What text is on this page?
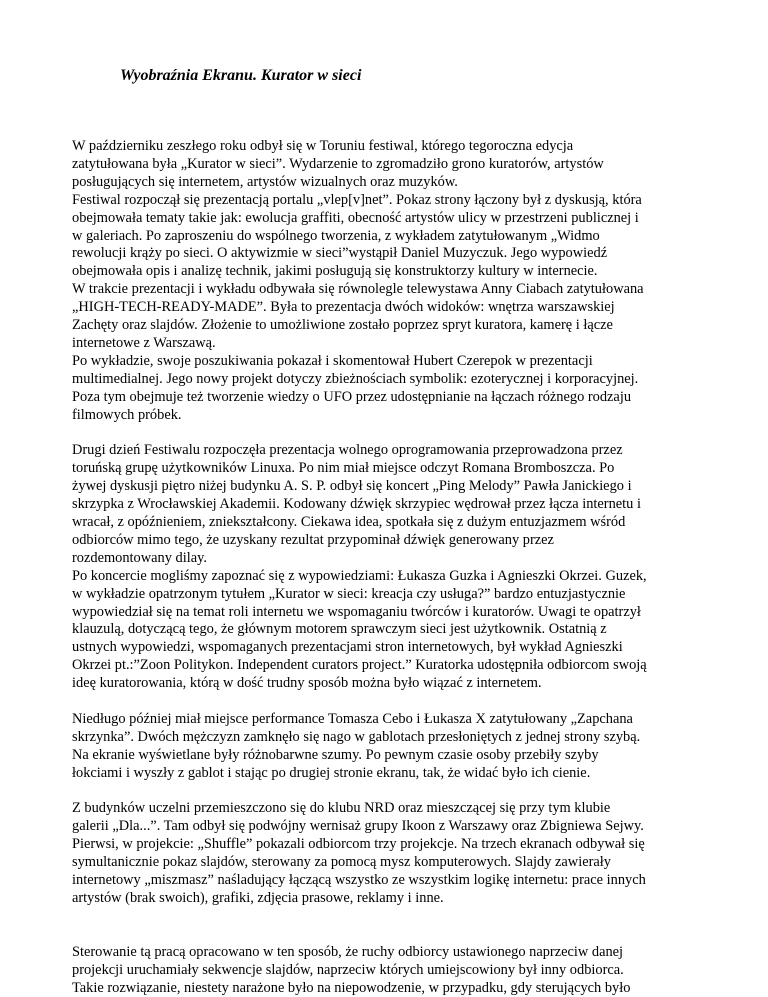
Wyobraźnia Ekranu. Kurator w sieci

W październiku zeszłego roku odbył się w Toruniu festiwal, którego tegoroczna edycja
zatytułowana była „Kurator w sieci”. Wydarzenie to zgromadziło grono kuratorów, artystów
posługujących się internetem, artystów wizualnych oraz muzyków.
Festiwal rozpoczął się prezentacją portalu „vlep[v]net”. Pokaz strony łączony był z dyskusją, która
obejmowała tematy takie jak: ewolucja graffiti, obecność artystów ulicy w przestrzeni publicznej i
w galeriach. Po zaproszeniu do wspólnego tworzenia, z wykładem zatytułowanym „Widmo
rewolucji krąży po sieci. O aktywizmie w sieci”wystąpił Daniel Muzyczuk. Jego wypowiedź
obejmowała opis i analizę technik, jakimi posługują się konstruktorzy kultury w internecie.
W trakcie prezentacji i wykładu odbywała się równolegle telewystawa Anny Ciabach zatytułowana
„HIGH-TECH-READY-MADE”. Była to prezentacja dwóch widoków: wnętrza warszawskiej
Zachęty oraz slajdów. Złożenie to umożliwione zostało poprzez spryt kuratora, kamerę i łącze
internetowe z Warszawą.
Po wykładzie, swoje poszukiwania pokazał i skomentował Hubert Czerepok w prezentacji
multimedialnej. Jego nowy projekt dotyczy zbieżnościach symbolik: ezoterycznej i korporacyjnej.
Poza tym obejmuje też tworzenie wiedzy o UFO przez udostępnianie na łączach różnego rodzaju
filmowych próbek.

Drugi dzień Festiwalu rozpoczęła prezentacja wolnego oprogramowania przeprowadzona przez
toruńską grupę użytkowników Linuxa. Po nim miał miejsce odczyt Romana Bromboszcza. Po
żywej dyskusji piętro niżej budynku A. S. P. odbył się koncert „Ping Melody” Pawła Janickiego i
skrzypka z Wrocławskiej Akademii. Kodowany dźwięk skrzypiec wędrował przez łącza internetu i
wracał, z opóźnieniem, zniekształcony. Ciekawa idea, spotkała się z dużym entuzjazmem wśród
odbiorców mimo tego, że uzyskany rezultat przypominał dźwięk generowany przez
rozdemontowany dilay.
Po koncercie mogliśmy zapoznać się z wypowiedziami: Łukasza Guzka i Agnieszki Okrzei. Guzek,
w wykładzie opatrzonym tytułem „Kurator w sieci: kreacja czy usługa?” bardzo entuzjastycznie
wypowiedział się na temat roli internetu we wspomaganiu twórców i kuratorów. Uwagi te opatrzył
klauzulą, dotyczącą tego, że głównym motorem sprawczym sieci jest użytkownik. Ostatnią z
ustnych wypowiedzi, wspomaganych prezentacjami stron internetowych, był wykład Agnieszki
Okrzei pt.:”Zoon Politykon. Independent curators project.” Kuratorka udostępniła odbiorcom swoją
ideę kuratorowania, którą w dość trudny sposób można było wiązać z internetem.

Niedługo później miał miejsce performance Tomasza Cebo i Łukasza X zatytułowany „Zapchana
skrzynka”. Dwóch mężczyzn zamknęło się nago w gablotach przesłoniętych z jednej strony szybą.
Na ekranie wyświetlane były różnobarwne szumy. Po pewnym czasie osoby przebiły szyby
łokciami i wyszły z gablot i stając po drugiej stronie ekranu, tak, że widać było ich cienie.

Z budynków uczelni przemieszczono się do klubu NRD oraz mieszczącej się przy tym klubie
galerii „Dla...”. Tam odbył się podwójny wernisaż grupy Ikoon z Warszawy oraz Zbigniewa Sejwy.
Pierwsi, w projekcie: „Shuffle” pokazali odbiorcom trzy projekcje. Na trzech ekranach odbywał się
symultanicznie pokaz slajdów, sterowany za pomocą mysz komputerowych. Slajdy zawierały
internetowy „miszmasz” naśladujący łączącą wszystko ze wszystkim logikę internetu: prace innych
artystów (brak swoich), grafiki, zdjęcia prasowe, reklamy i inne.

Sterowanie tą pracą opracowano w ten sposób, że ruchy odbiorcy ustawionego naprzeciw danej
projekcji uruchamiały sekwencje slajdów, naprzeciw których umiejscowiony był inny odbiorca.
Takie rozwiązanie, niestety narażone było na niepowodzenie, w przypadku, gdy sterujących było
